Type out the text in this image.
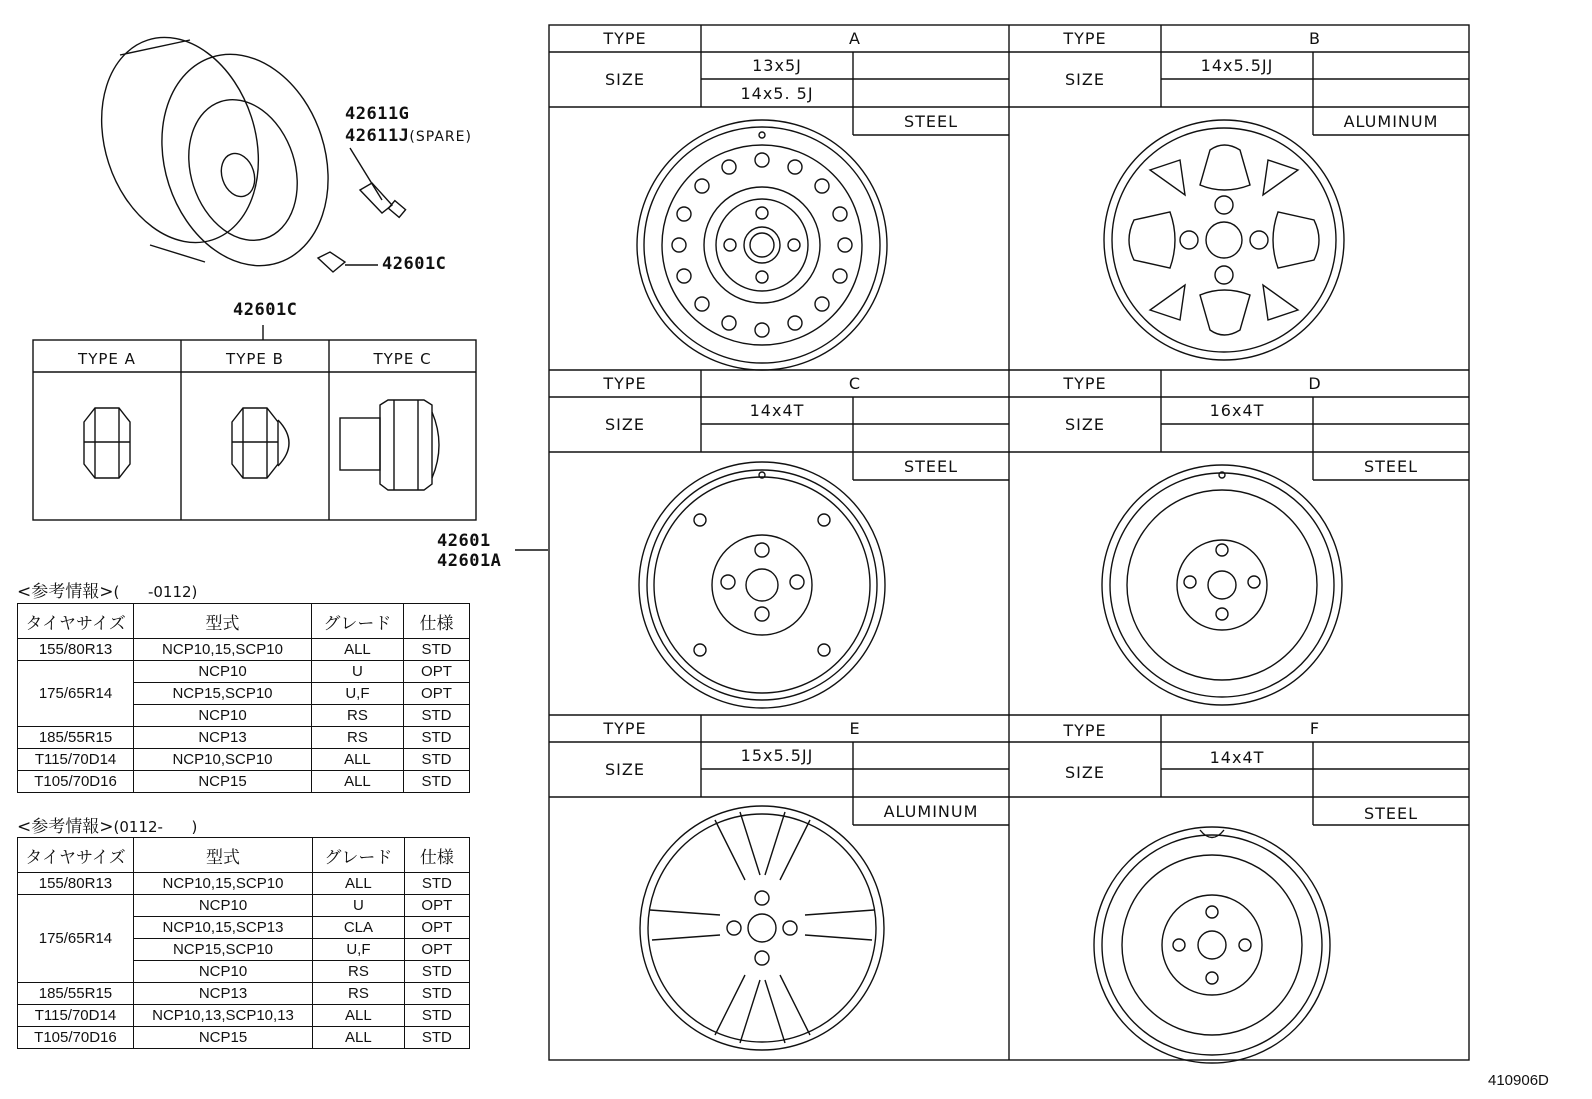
42611G
42611J(SPARE)
42601C
42601C
42601
42601A
TYPE A	TYPE B	TYPE C
TYPE	A
SIZE
13x5J
14x5. 5J
STEEL
TYPE	B
SIZE
14x5.5JJ
ALUMINUM
TYPE	C
SIZE
14x4T
STEEL
TYPE	D
SIZE
16x4T
STEEL
TYPE	E
SIZE
15x5.5JJ
ALUMINUM
TYPE	F
SIZE
14x4T
STEEL
<参考情報>(      -0112)
タイヤサイズ	型式	グレード	仕様
155/80R13	NCP10,15,SCP10	ALL	STD
175/65R14	NCP10	U	OPT
	NCP15,SCP10	U,F	OPT
	NCP10	RS	STD
185/55R15	NCP13	RS	STD
T115/70D14	NCP10,SCP10	ALL	STD
T105/70D16	NCP15	ALL	STD
<参考情報>(0112-      )
タイヤサイズ	型式	グレード	仕様
155/80R13	NCP10,15,SCP10	ALL	STD
175/65R14	NCP10	U	OPT
	NCP10,15,SCP13	CLA	OPT
	NCP15,SCP10	U,F	OPT
	NCP10	RS	STD
185/55R15	NCP13	RS	STD
T115/70D14	NCP10,13,SCP10,13	ALL	STD
T105/70D16	NCP15	ALL	STD
410906D
